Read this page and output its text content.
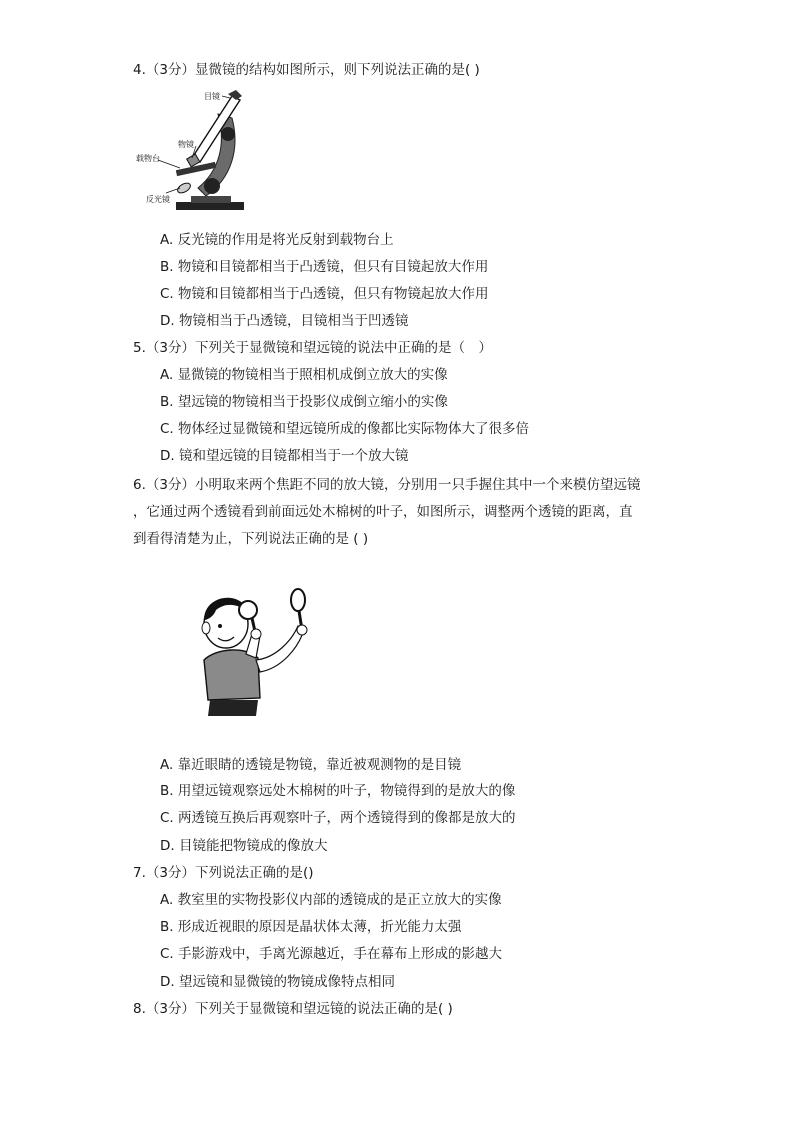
4.（3分）显微镜的结构如图所示，则下列说法正确的是( )
目镜
物镜
载物台
反光镜
A. 反光镜的作用是将光反射到载物台上
B. 物镜和目镜都相当于凸透镜，但只有目镜起放大作用
C. 物镜和目镜都相当于凸透镜，但只有物镜起放大作用
D. 物镜相当于凸透镜，目镜相当于凹透镜
5.（3分）下列关于显微镜和望远镜的说法中正确的是（　）
A. 显微镜的物镜相当于照相机成倒立放大的实像
B. 望远镜的物镜相当于投影仪成倒立缩小的实像
C. 物体经过显微镜和望远镜所成的像都比实际物体大了很多倍
D. 镜和望远镜的目镜都相当于一个放大镜
6.（3分）小明取来两个焦距不同的放大镜，分别用一只手握住其中一个来模仿望远镜
，它通过两个透镜看到前面远处木棉树的叶子，如图所示，调整两个透镜的距离，直
到看得清楚为止，下列说法正确的是 ( )
A. 靠近眼睛的透镜是物镜，靠近被观测物的是目镜
B. 用望远镜观察远处木棉树的叶子，物镜得到的是放大的像
C. 两透镜互换后再观察叶子，两个透镜得到的像都是放大的
D. 目镜能把物镜成的像放大
7.（3分）下列说法正确的是()
A. 教室里的实物投影仪内部的透镜成的是正立放大的实像
B. 形成近视眼的原因是晶状体太薄，折光能力太强
C. 手影游戏中，手离光源越近，手在幕布上形成的影越大
D. 望远镜和显微镜的物镜成像特点相同
8.（3分）下列关于显微镜和望远镜的说法正确的是( )
